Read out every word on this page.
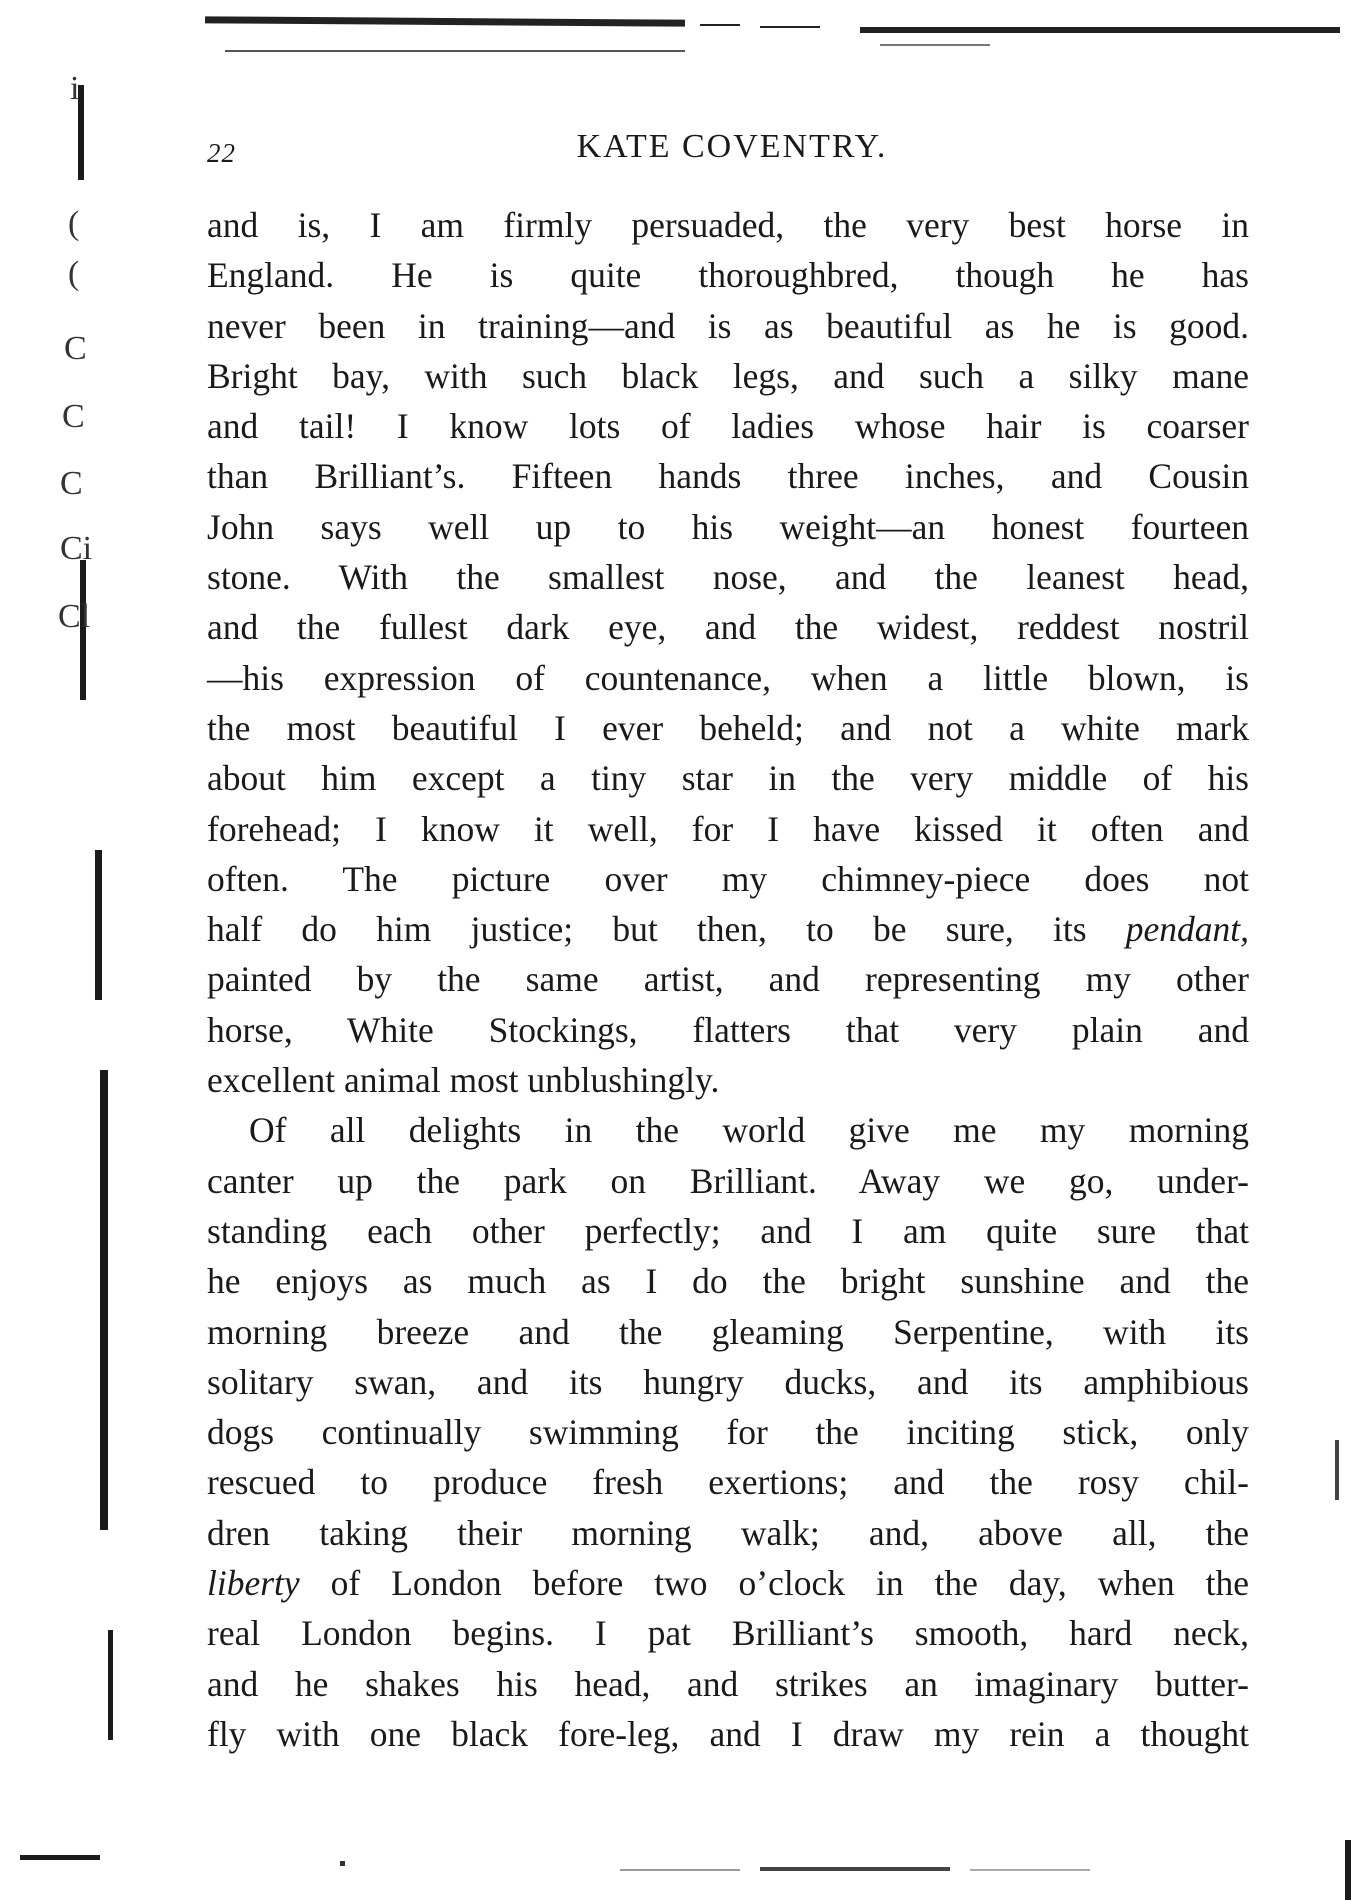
i
(
(
C
C
C
Ci
Cl
22	KATE COVENTRY.
and is, I am firmly persuaded, the very best horse in
England. He is quite thoroughbred, though he has
never been in training—and is as beautiful as he is good.
Bright bay, with such black legs, and such a silky mane
and tail! I know lots of ladies whose hair is coarser
than Brilliant’s. Fifteen hands three inches, and Cousin
John says well up to his weight—an honest fourteen
stone. With the smallest nose, and the leanest head,
and the fullest dark eye, and the widest, reddest nostril
—his expression of countenance, when a little blown, is
the most beautiful I ever beheld; and not a white mark
about him except a tiny star in the very middle of his
forehead; I know it well, for I have kissed it often and
often. The picture over my chimney-piece does not
half do him justice; but then, to be sure, its pendant,
painted by the same artist, and representing my other
horse, White Stockings, flatters that very plain and
excellent animal most unblushingly.
Of all delights in the world give me my morning
canter up the park on Brilliant. Away we go, under-
standing each other perfectly; and I am quite sure that
he enjoys as much as I do the bright sunshine and the
morning breeze and the gleaming Serpentine, with its
solitary swan, and its hungry ducks, and its amphibious
dogs continually swimming for the inciting stick, only
rescued to produce fresh exertions; and the rosy chil-
dren taking their morning walk; and, above all, the
liberty of London before two o’clock in the day, when the
real London begins. I pat Brilliant’s smooth, hard neck,
and he shakes his head, and strikes an imaginary butter-
fly with one black fore-leg, and I draw my rein a thought
